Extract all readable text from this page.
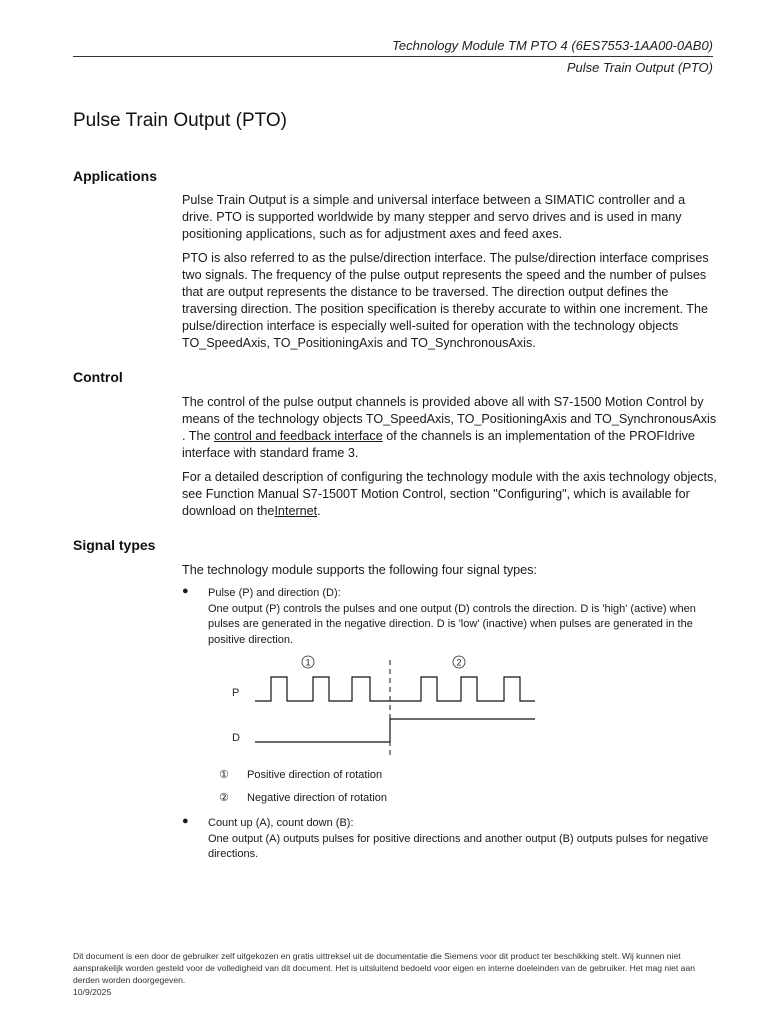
Technology Module TM PTO 4 (6ES7553-1AA00-0AB0)
Pulse Train Output (PTO)
Pulse Train Output (PTO)
Applications

Pulse Train Output is a simple and universal interface between a SIMATIC controller and a drive. PTO is supported worldwide by many stepper and servo drives and is used in many positioning applications, such as for adjustment axes and feed axes.

PTO is also referred to as the pulse/direction interface. The pulse/direction interface comprises two signals. The frequency of the pulse output represents the speed and the number of pulses that are output represents the distance to be traversed. The direction output defines the traversing direction. The position specification is thereby accurate to within one increment. The pulse/direction interface is especially well-suited for operation with the technology objects TO_SpeedAxis, TO_PositioningAxis and TO_SynchronousAxis.

Control

The control of the pulse output channels is provided above all with S7-1500 Motion Control by means of the technology objects TO_SpeedAxis, TO_PositioningAxis and TO_SynchronousAxis . The control and feedback interface of the channels is an implementation of the PROFIdrive interface with standard frame 3.

For a detailed description of configuring the technology module with the axis technology objects, see Function Manual S7-1500T Motion Control, section "Configuring", which is available for download on theInternet.

Signal types

The technology module supports the following four signal types:

● Pulse (P) and direction (D):
One output (P) controls the pulses and one output (D) controls the direction. D is 'high' (active) when pulses are generated in the negative direction. D is 'low' (inactive) when pulses are generated in the positive direction.
1	2
P
D
① Positive direction of rotation
② Negative direction of rotation
● Count up (A), count down (B):
One output (A) outputs pulses for positive directions and another output (B) outputs pulses for negative directions.
Dit document is een door de gebruiker zelf uitgekozen en gratis uittreksel uit de documentatie die Siemens voor dit product ter beschikking stelt. Wij kunnen niet aansprakelijk worden gesteld voor de volledigheid van dit document. Het is uitsluitend bedoeld voor eigen en interne doeleinden van de gebruiker. Het mag niet aan derden worden doorgegeven.
10/9/2025
